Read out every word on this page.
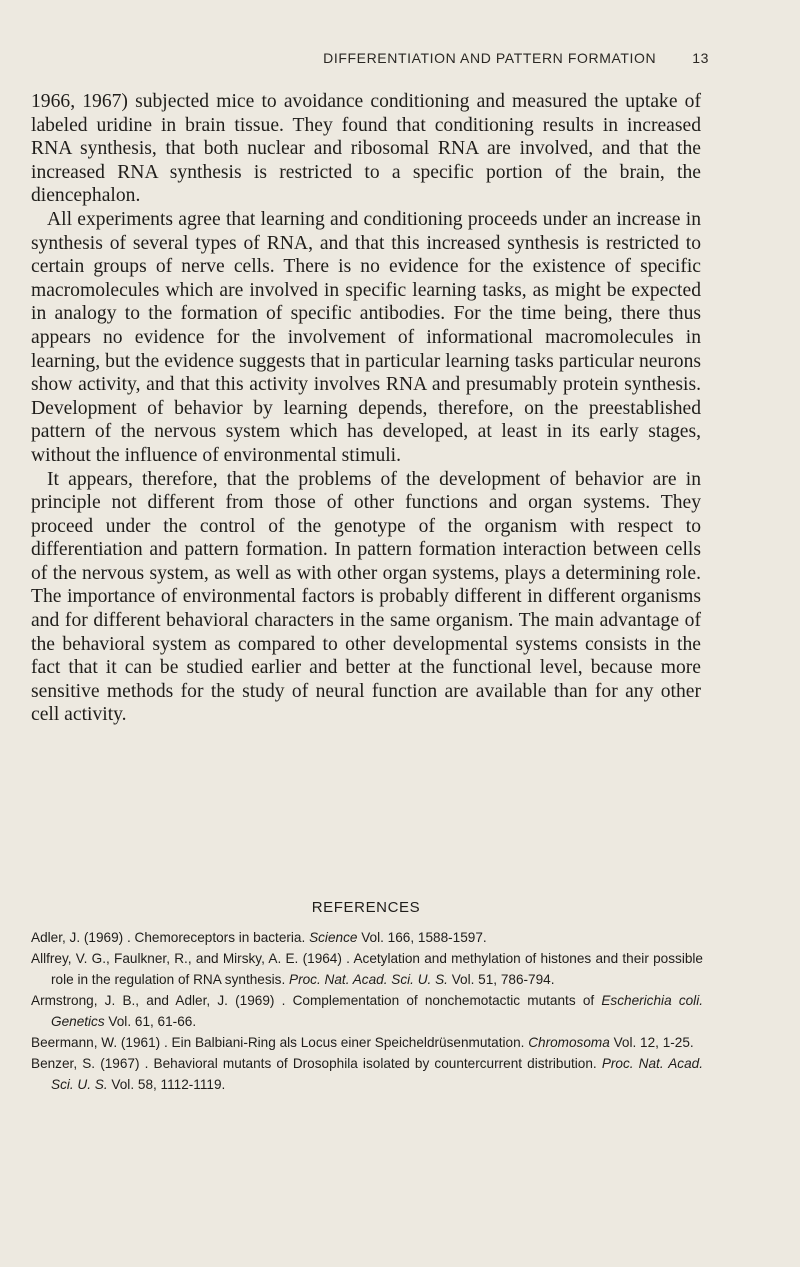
DIFFERENTIATION AND PATTERN FORMATION	13

1966, 1967) subjected mice to avoidance conditioning and measured the uptake of labeled uridine in brain tissue. They found that conditioning results in increased RNA synthesis, that both nuclear and ribosomal RNA are involved, and that the increased RNA synthesis is restricted to a specific portion of the brain, the diencephalon.

All experiments agree that learning and conditioning proceeds under an increase in synthesis of several types of RNA, and that this increased synthesis is restricted to certain groups of nerve cells. There is no evidence for the existence of specific macromolecules which are involved in specific learning tasks, as might be expected in analogy to the formation of specific antibodies. For the time being, there thus appears no evidence for the involvement of informational macromolecules in learning, but the evidence suggests that in particular learning tasks particular neurons show activity, and that this activity involves RNA and presumably protein synthesis. Development of behavior by learning depends, therefore, on the preestablished pattern of the nervous system which has developed, at least in its early stages, without the influence of environmental stimuli.

It appears, therefore, that the problems of the development of behavior are in principle not different from those of other functions and organ systems. They proceed under the control of the genotype of the organism with respect to differentiation and pattern formation. In pattern formation interaction between cells of the nervous system, as well as with other organ systems, plays a determining role. The importance of environmental factors is probably different in different organisms and for different behavioral characters in the same organism. The main advantage of the behavioral system as compared to other developmental systems consists in the fact that it can be studied earlier and better at the functional level, because more sensitive methods for the study of neural function are available than for any other cell activity.

REFERENCES
Adler, J. (1969) . Chemoreceptors in bacteria. Science Vol. 166, 1588-1597.
Allfrey, V. G., Faulkner, R., and Mirsky, A. E. (1964) . Acetylation and methylation of histones and their possible role in the regulation of RNA synthesis. Proc. Nat. Acad. Sci. U. S. Vol. 51, 786-794.
Armstrong, J. B., and Adler, J. (1969) . Complementation of nonchemotactic mutants of Escherichia coli. Genetics Vol. 61, 61-66.
Beermann, W. (1961) . Ein Balbiani-Ring als Locus einer Speicheldrüsenmutation. Chromosoma Vol. 12, 1-25.
Benzer, S. (1967) . Behavioral mutants of Drosophila isolated by countercurrent distribution. Proc. Nat. Acad. Sci. U. S. Vol. 58, 1112-1119.
